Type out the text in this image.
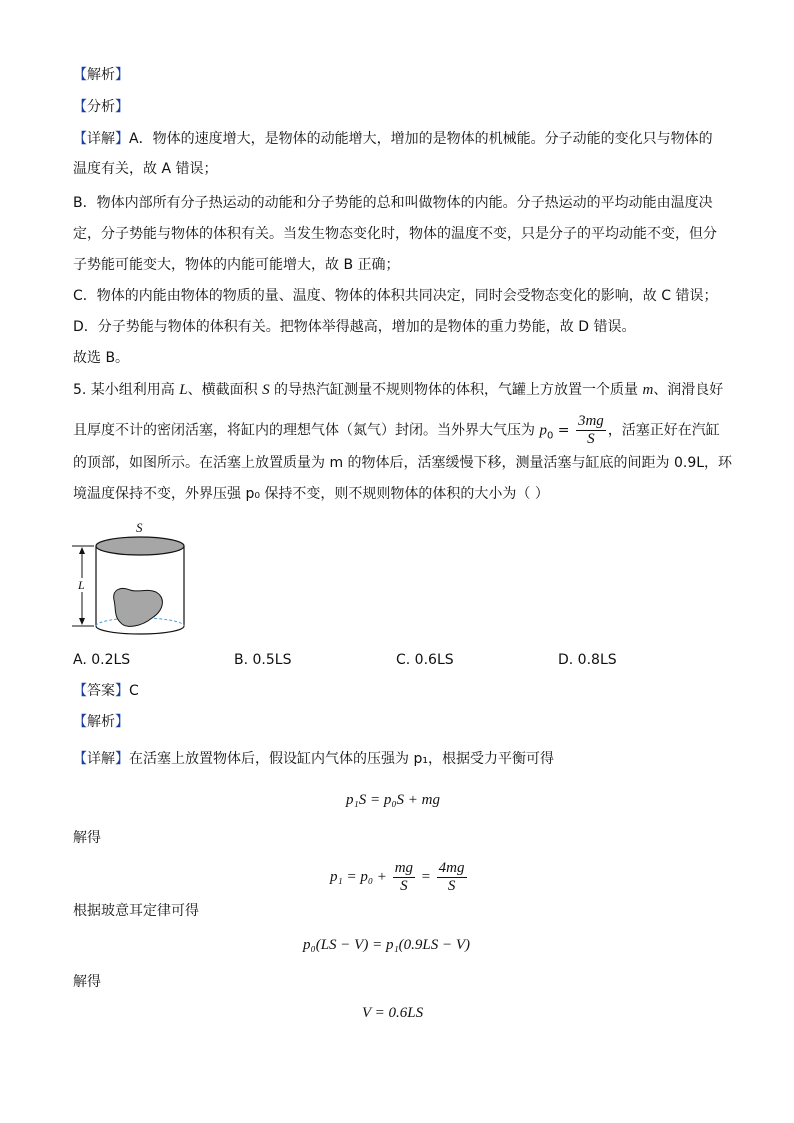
【解析】
【分析】
【详解】A．物体的速度增大，是物体的动能增大，增加的是物体的机械能。分子动能的变化只与物体的
温度有关，故 A 错误；
B．物体内部所有分子热运动的动能和分子势能的总和叫做物体的内能。分子热运动的平均动能由温度决
定，分子势能与物体的体积有关。当发生物态变化时，物体的温度不变，只是分子的平均动能不变，但分
子势能可能变大，物体的内能可能增大，故 B 正确；
C．物体的内能由物体的物质的量、温度、物体的体积共同决定，同时会受物态变化的影响，故 C 错误；
D．分子势能与物体的体积有关。把物体举得越高，增加的是物体的重力势能，故 D 错误。
故选 B。
5. 某小组利用高 L、横截面积 S 的导热汽缸测量不规则物体的体积，气罐上方放置一个质量 m、润滑良好
且厚度不计的密闭活塞，将缸内的理想气体（氮气）封闭。当外界大气压为 $p_0 = \frac{3mg}{S}$ ，活塞正好在汽缸
的顶部，如图所示。在活塞上放置质量为 m 的物体后，活塞缓慢下移，测量活塞与缸底的间距为 0.9L，环
境温度保持不变，外界压强 p₀ 保持不变，则不规则物体的体积的大小为（ ）
S
L
A. 0.2LS	B. 0.5LS	C. 0.6LS	D. 0.8LS
【答案】C
【解析】
【详解】在活塞上放置物体后，假设缸内气体的压强为 p₁，根据受力平衡可得
p₁S = p₀S + mg
解得
$p_1 = p_0 + \frac{mg}{S} = \frac{4mg}{S}$
根据玻意耳定律可得
p₀(LS − V) = p₁(0.9LS − V)
解得
V = 0.6LS
